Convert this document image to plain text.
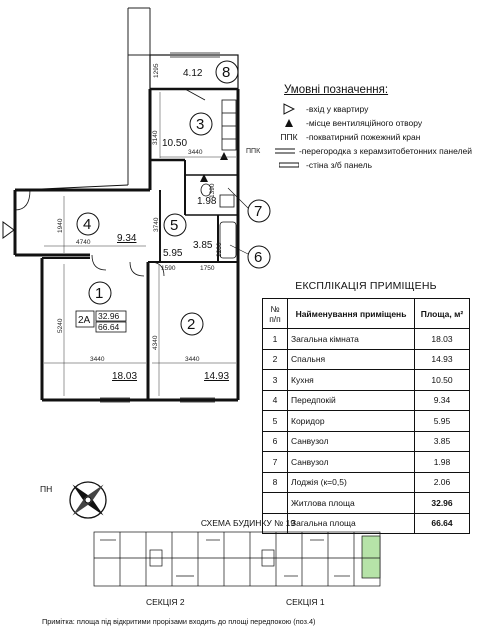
8
3
4	5
1
2
7
6
4.12
10.50
9.34
5.95
3.85
1.98
18.03	14.93
2А 32.96
66.64
ППК
1295
3140
3440
3740
1940
4740
1590	1750
2200
1390
5240
4340
3440	3440
Умовні позначення:
-вхід у квартиру
-місце вентиляційного отвору
ППК -покватирний пожежний кран
-перегородка з керамзитобетонних панелей
-стіна з/б панель
ЕКСПЛІКАЦІЯ ПРИМІЩЕНЬ
№ п/п	Найменування приміщень	Площа, м²
1	Загальна кімната	18.03
2	Спальня	14.93
3	Кухня	10.50
4	Передпокій	9.34
5	Коридор	5.95
6	Санвузол	3.85
7	Санвузол	1.98
8	Лоджія (к=0,5)	2.06
	Житлова площа	32.96
	Загальна площа	66.64
ПН
СХЕМА БУДИНКУ № 19
СЕКЦІЯ 2	СЕКЦІЯ 1
Примітка: площа під відкритими прорізами входить до площі передпокою (поз.4)
